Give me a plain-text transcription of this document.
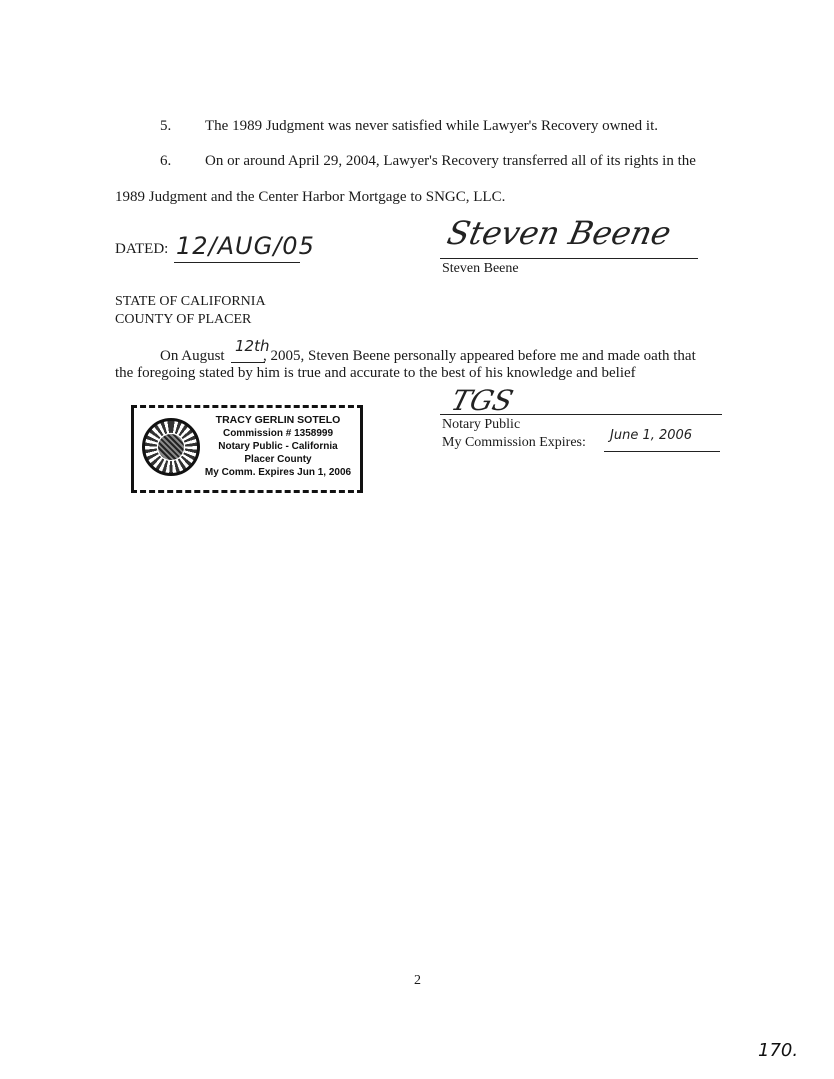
5. The 1989 Judgment was never satisfied while Lawyer's Recovery owned it.
6. On or around April 29, 2004, Lawyer's Recovery transferred all of its rights in the
1989 Judgment and the Center Harbor Mortgage to SNGC, LLC.
DATED: 12/AUG/05	Steven Beene
Steven Beene
STATE OF CALIFORNIA
COUNTY OF PLACER
On August
12th
, 2005, Steven Beene personally appeared before me and made oath that
the foregoing stated by him is true and accurate to the best of his knowledge and belief
TRACY GERLIN SOTELO
Commission # 1358999
Notary Public - California
Placer County
My Comm. Expires Jun 1, 2006
TGS
Notary Public
My Commission Expires: June 1, 2006
2
170.
